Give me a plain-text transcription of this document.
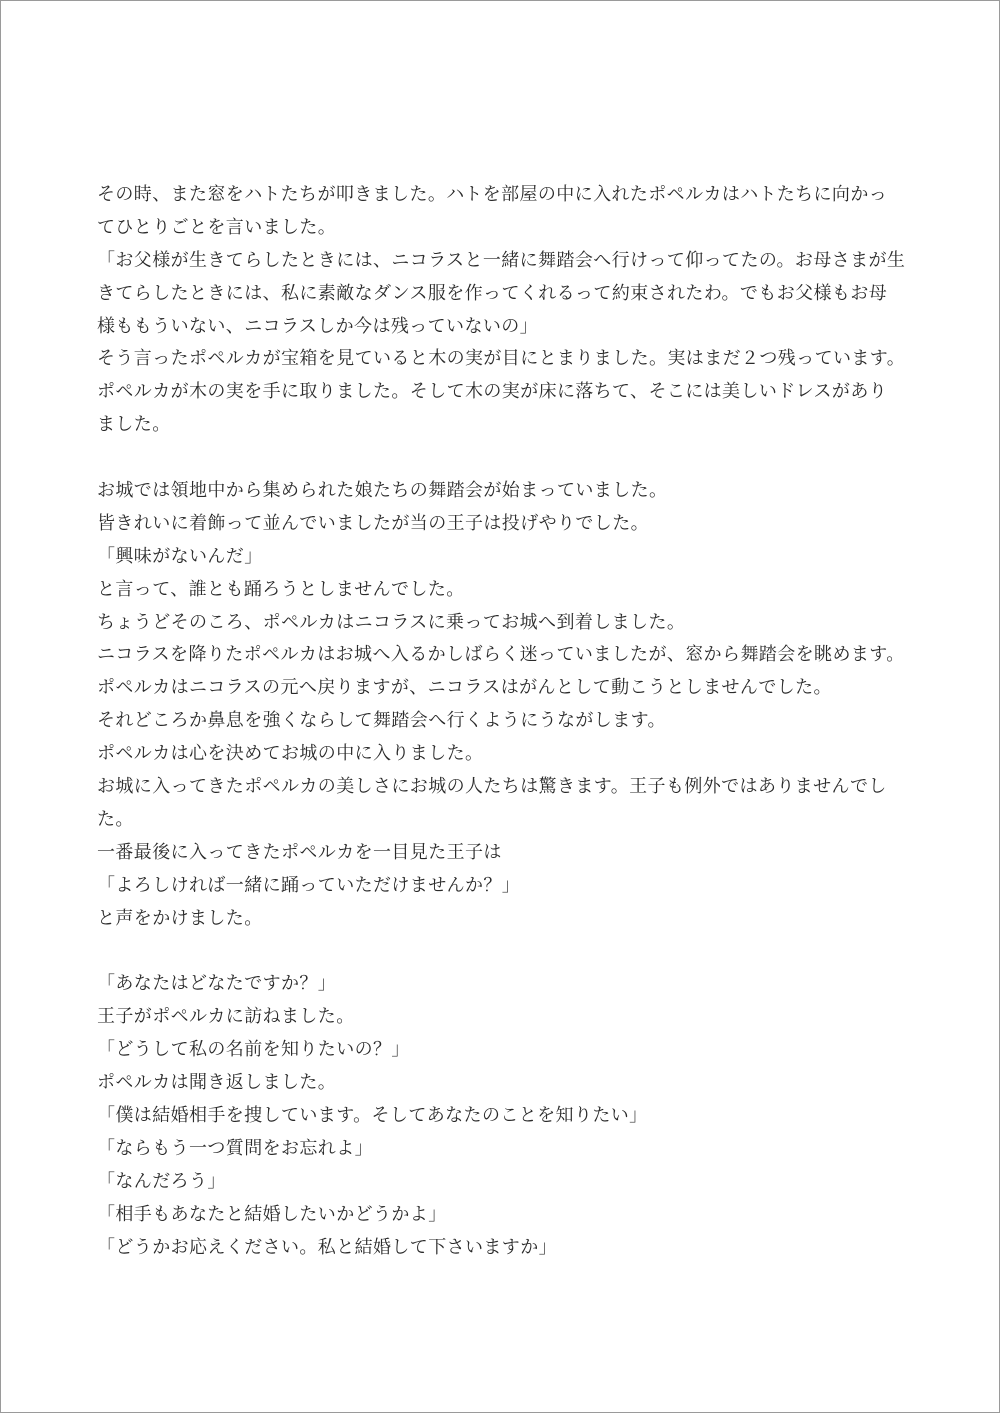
その時、また窓をハトたちが叩きました。ハトを部屋の中に入れたポペルカはハトたちに向かっ
てひとりごとを言いました。
「お父様が生きてらしたときには、ニコラスと一緒に舞踏会へ行けって仰ってたの。お母さまが生
きてらしたときには、私に素敵なダンス服を作ってくれるって約束されたわ。でもお父様もお母
様ももういない、ニコラスしか今は残っていないの」
そう言ったポペルカが宝箱を見ていると木の実が目にとまりました。実はまだ２つ残っています。
ポペルカが木の実を手に取りました。そして木の実が床に落ちて、そこには美しいドレスがあり
ました。
お城では領地中から集められた娘たちの舞踏会が始まっていました。
皆きれいに着飾って並んでいましたが当の王子は投げやりでした。
「興味がないんだ」
と言って、誰とも踊ろうとしませんでした。
ちょうどそのころ、ポペルカはニコラスに乗ってお城へ到着しました。
ニコラスを降りたポペルカはお城へ入るかしばらく迷っていましたが、窓から舞踏会を眺めます。
ポペルカはニコラスの元へ戻りますが、ニコラスはがんとして動こうとしませんでした。
それどころか鼻息を強くならして舞踏会へ行くようにうながします。
ポペルカは心を決めてお城の中に入りました。
お城に入ってきたポペルカの美しさにお城の人たちは驚きます。王子も例外ではありませんでし
た。
一番最後に入ってきたポペルカを一目見た王子は
「よろしければ一緒に踊っていただけませんか？」
と声をかけました。
「あなたはどなたですか？」
王子がポペルカに訪ねました。
「どうして私の名前を知りたいの？」
ポペルカは聞き返しました。
「僕は結婚相手を捜しています。そしてあなたのことを知りたい」
「ならもう一つ質問をお忘れよ」
「なんだろう」
「相手もあなたと結婚したいかどうかよ」
「どうかお応えください。私と結婚して下さいますか」
